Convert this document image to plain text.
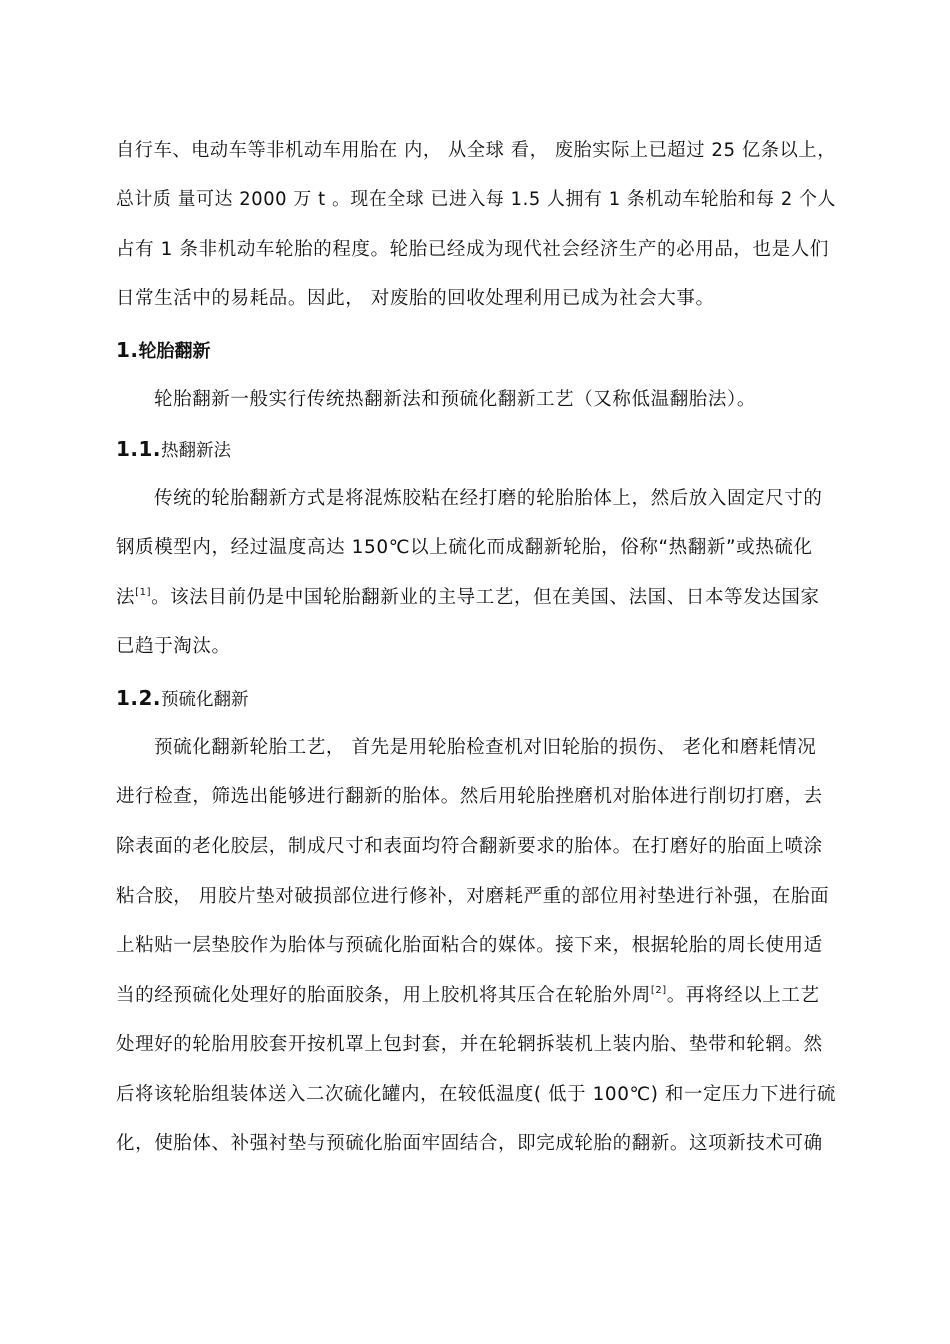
自行车、电动车等非机动车用胎在 内， 从全球 看， 废胎实际上已超过 25 亿条以上，
总计质 量可达 2000 万 t 。现在全球 已进入每 1.5 人拥有 1 条机动车轮胎和每 2 个人
占有 1 条非机动车轮胎的程度。轮胎已经成为现代社会经济生产的必用品，也是人们
日常生活中的易耗品。因此， 对废胎的回收处理利用已成为社会大事。
1.轮胎翻新
轮胎翻新一般实行传统热翻新法和预硫化翻新工艺（又称低温翻胎法）。
1.1.热翻新法
传统的轮胎翻新方式是将混炼胶粘在经打磨的轮胎胎体上，然后放入固定尺寸的
钢质模型内，经过温度高达 150℃以上硫化而成翻新轮胎，俗称“热翻新”或热硫化
法[1]。该法目前仍是中国轮胎翻新业的主导工艺，但在美国、法国、日本等发达国家
已趋于淘汰。
1.2.预硫化翻新
预硫化翻新轮胎工艺， 首先是用轮胎检查机对旧轮胎的损伤、 老化和磨耗情况
进行检查，筛选出能够进行翻新的胎体。然后用轮胎挫磨机对胎体进行削切打磨，去
除表面的老化胶层，制成尺寸和表面均符合翻新要求的胎体。在打磨好的胎面上喷涂
粘合胶， 用胶片垫对破损部位进行修补，对磨耗严重的部位用衬垫进行补强，在胎面
上粘贴一层垫胶作为胎体与预硫化胎面粘合的媒体。接下来，根据轮胎的周长使用适
当的经预硫化处理好的胎面胶条，用上胶机将其压合在轮胎外周[2]。再将经以上工艺
处理好的轮胎用胶套开按机罩上包封套，并在轮辋拆装机上装内胎、垫带和轮辋。然
后将该轮胎组装体送入二次硫化罐内，在较低温度( 低于 100℃) 和一定压力下进行硫
化，使胎体、补强衬垫与预硫化胎面牢固结合，即完成轮胎的翻新。这项新技术可确
